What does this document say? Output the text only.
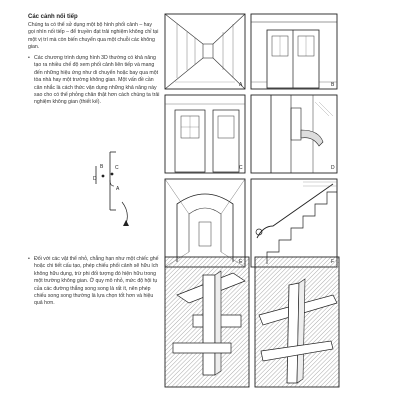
Các cảnh nối tiếp
Chúng ta có thể sử dụng một bộ hình phối cảnh – hay gọi nhìn nối tiếp – để truyền đạt trải nghiệm không chỉ tại một vị trí mà còn biến chuyển qua một chuỗi các không gian.
• Các chương trình dựng hình 3D thường có khả năng tạo ra nhiều chế độ xem phối cảnh liên tiếp và mang đến những hiệu ứng như di chuyển hoặc bay qua một tòa nhà hay một trường không gian. Một vấn đề cần cân nhắc là cách thức vận dụng những khả năng này sao cho có thể phỏng chân thật hơn cách chúng ta trải nghiệm không gian (thiết kế).
B C
D
A
A	B
C	D
• Đối với các vật thể nhỏ, chẳng hạn như một chiếc ghế hoặc chi tiết cấu tạo, phép chiếu phối cảnh sẽ hữu ích không hữu dụng, trừ phi đối tượng đó hiện hữu trong một trường không gian. Ở quy mô nhỏ, mức độ hội tụ của các đường thẳng song song là rất ít, nên phép chiếu song song thường là lựa chọn tốt hơn và hiệu quả hơn.
